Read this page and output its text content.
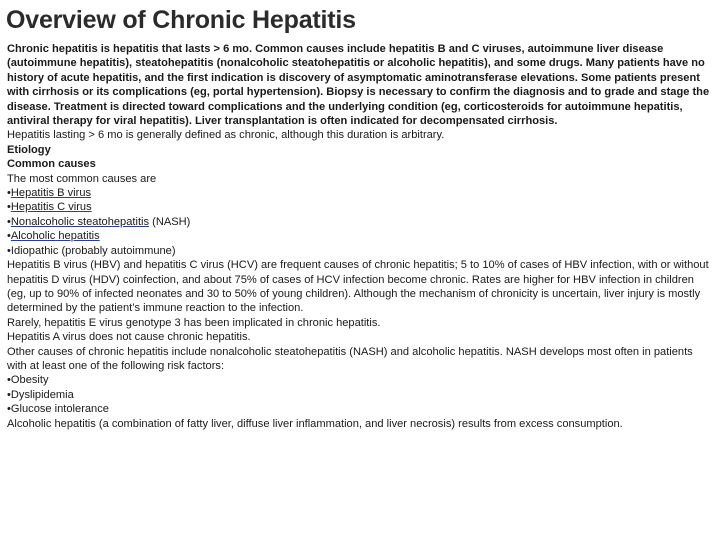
Overview of Chronic Hepatitis

Chronic hepatitis is hepatitis that lasts > 6 mo. Common causes include hepatitis B and C viruses, autoimmune liver disease (autoimmune hepatitis), steatohepatitis (nonalcoholic steatohepatitis or alcoholic hepatitis), and some drugs. Many patients have no history of acute hepatitis, and the first indication is discovery of asymptomatic aminotransferase elevations. Some patients present with cirrhosis or its complications (eg, portal hypertension). Biopsy is necessary to confirm the diagnosis and to grade and stage the disease. Treatment is directed toward complications and the underlying condition (eg, corticosteroids for autoimmune hepatitis, antiviral therapy for viral hepatitis). Liver transplantation is often indicated for decompensated cirrhosis.

Hepatitis lasting > 6 mo is generally defined as chronic, although this duration is arbitrary.

Etiology

Common causes

The most common causes are

•Hepatitis B virus

•Hepatitis C virus

•Nonalcoholic steatohepatitis (NASH)

•Alcoholic hepatitis

•Idiopathic (probably autoimmune)

Hepatitis B virus (HBV) and hepatitis C virus (HCV) are frequent causes of chronic hepatitis; 5 to 10% of cases of HBV infection, with or without hepatitis D virus (HDV) coinfection, and about 75% of cases of HCV infection become chronic. Rates are higher for HBV infection in children (eg, up to 90% of infected neonates and 30 to 50% of young children). Although the mechanism of chronicity is uncertain, liver injury is mostly determined by the patient’s immune reaction to the infection.

Rarely, hepatitis E virus genotype 3 has been implicated in chronic hepatitis.

Hepatitis A virus does not cause chronic hepatitis.

Other causes of chronic hepatitis include nonalcoholic steatohepatitis (NASH) and alcoholic hepatitis. NASH develops most often in patients with at least one of the following risk factors:

•Obesity

•Dyslipidemia

•Glucose intolerance

Alcoholic hepatitis (a combination of fatty liver, diffuse liver inflammation, and liver necrosis) results from excess consumption.
